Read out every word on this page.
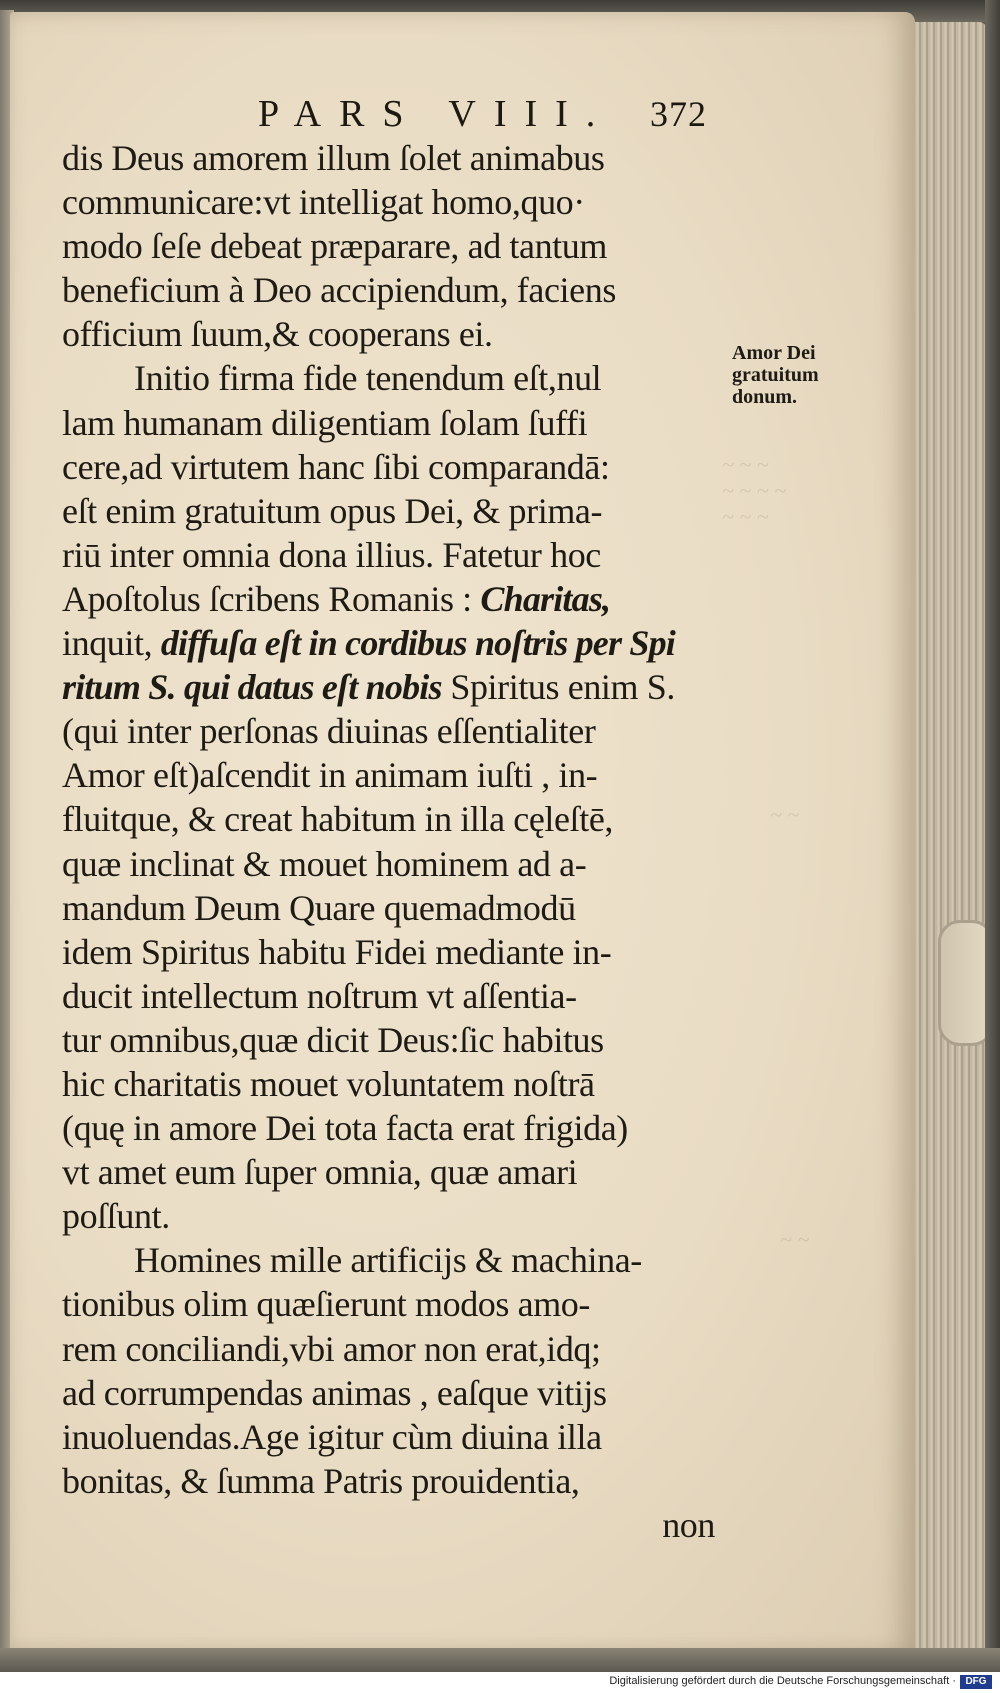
~ ~ ~
~ ~ ~ ~
~ ~ ~
~ ~
~ ~
PARS VIII. 372
Amor Dei
gratuitum
donum.
dis Deus amorem illum ſolet animabus
communicare:vt intelligat homo,quo·
modo ſeſe debeat præparare, ad tantum
beneficium à Deo accipiendum, faciens
officium ſuum,& cooperans ei.
Initio firma fide tenendum eſt,nul
lam humanam diligentiam ſolam ſuffi
cere,ad virtutem hanc ſibi comparandā:
eſt enim gratuitum opus Dei, & prima-
riū inter omnia dona illius. Fatetur hoc
Apoſtolus ſcribens Romanis : Charitas,
inquit, diffuſa eſt in cordibus noſtris per Spi
ritum S. qui datus eſt nobis Spiritus enim S.
(qui inter perſonas diuinas eſſentialiter
Amor eſt)aſcendit in animam iuſti , in-
fluitque, & creat habitum in illa cęleſtē,
quæ inclinat & mouet hominem ad a-
mandum Deum Quare quemadmodū
idem Spiritus habitu Fidei mediante in-
ducit intellectum noſtrum vt aſſentia-
tur omnibus,quæ dicit Deus:ſic habitus
hic charitatis mouet voluntatem noſtrā
(quę in amore Dei tota facta erat frigida)
vt amet eum ſuper omnia, quæ amari
poſſunt.
Homines mille artificijs & machina-
tionibus olim quæſierunt modos amo-
rem conciliandi,vbi amor non erat,idq;
ad corrumpendas animas , eaſque vitijs
inuoluendas.Age igitur cùm diuina illa
bonitas, & ſumma Patris prouidentia,
non
Digitalisierung gefördert durch die Deutsche Forschungsgemeinschaft · DFG
